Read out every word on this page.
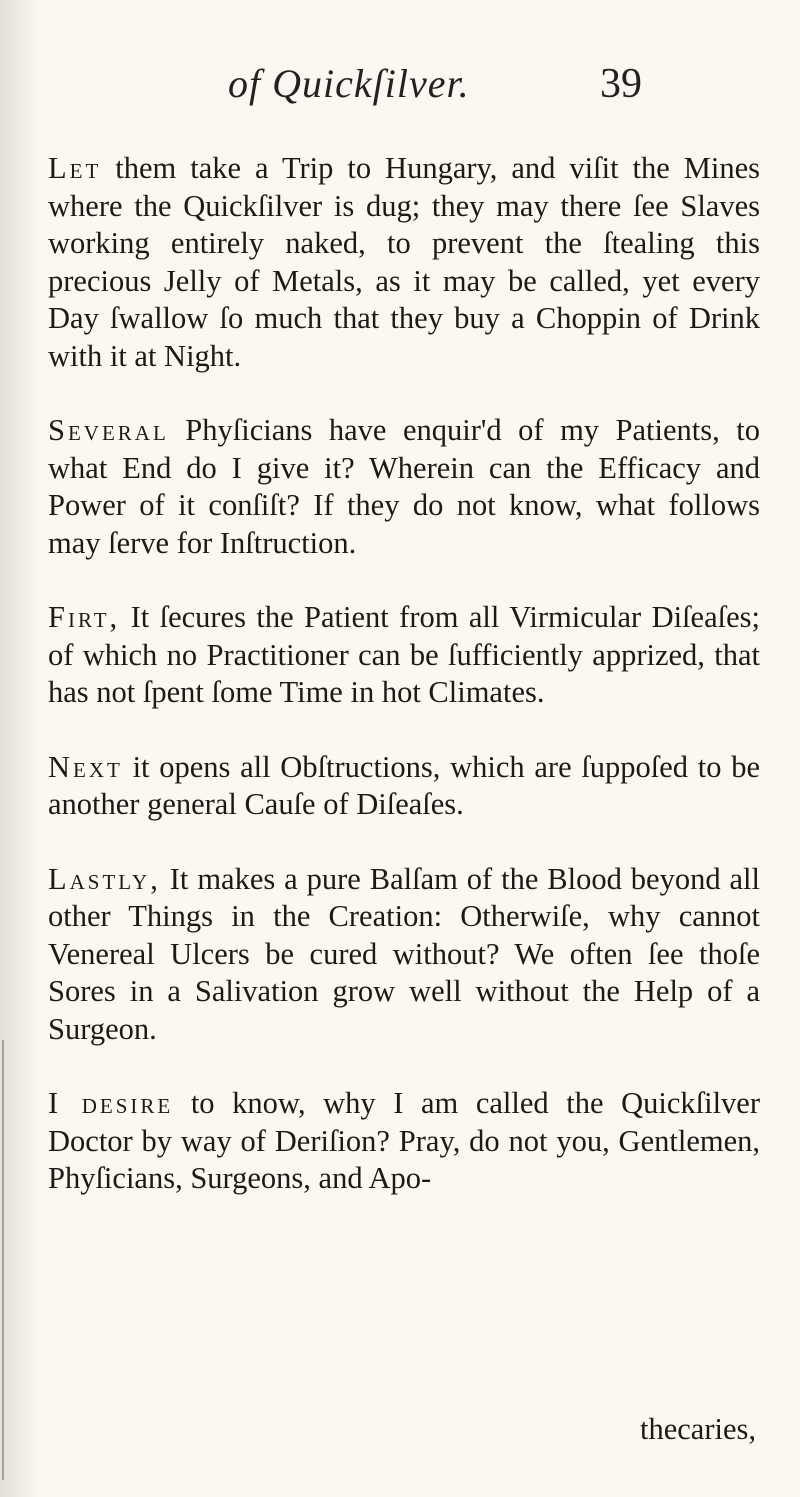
of Quickſilver.	39

Let them take a Trip to Hungary, and viſit the Mines where the Quickſilver is dug; they may there ſee Slaves working entirely naked, to prevent the ſtealing this precious Jelly of Metals, as it may be called, yet every Day ſwallow ſo much that they buy a Choppin of Drink with it at Night.

Several Phyſicians have enquir'd of my Patients, to what End do I give it? Wherein can the Efficacy and Power of it conſiſt? If they do not know, what follows may ſerve for Inſtruction.

Firt, It ſecures the Patient from all Virmicular Diſeaſes; of which no Practitioner can be ſufficiently apprized, that has not ſpent ſome Time in hot Climates.

Next it opens all Obſtructions, which are ſuppoſed to be another general Cauſe of Diſeaſes.

Lastly, It makes a pure Balſam of the Blood beyond all other Things in the Creation: Otherwiſe, why cannot Venereal Ulcers be cured without? We often ſee thoſe Sores in a Salivation grow well without the Help of a Surgeon.

I desire to know, why I am called the Quickſilver Doctor by way of Deriſion? Pray, do not you, Gentlemen, Phyſicians, Surgeons, and Apo-

thecaries,
